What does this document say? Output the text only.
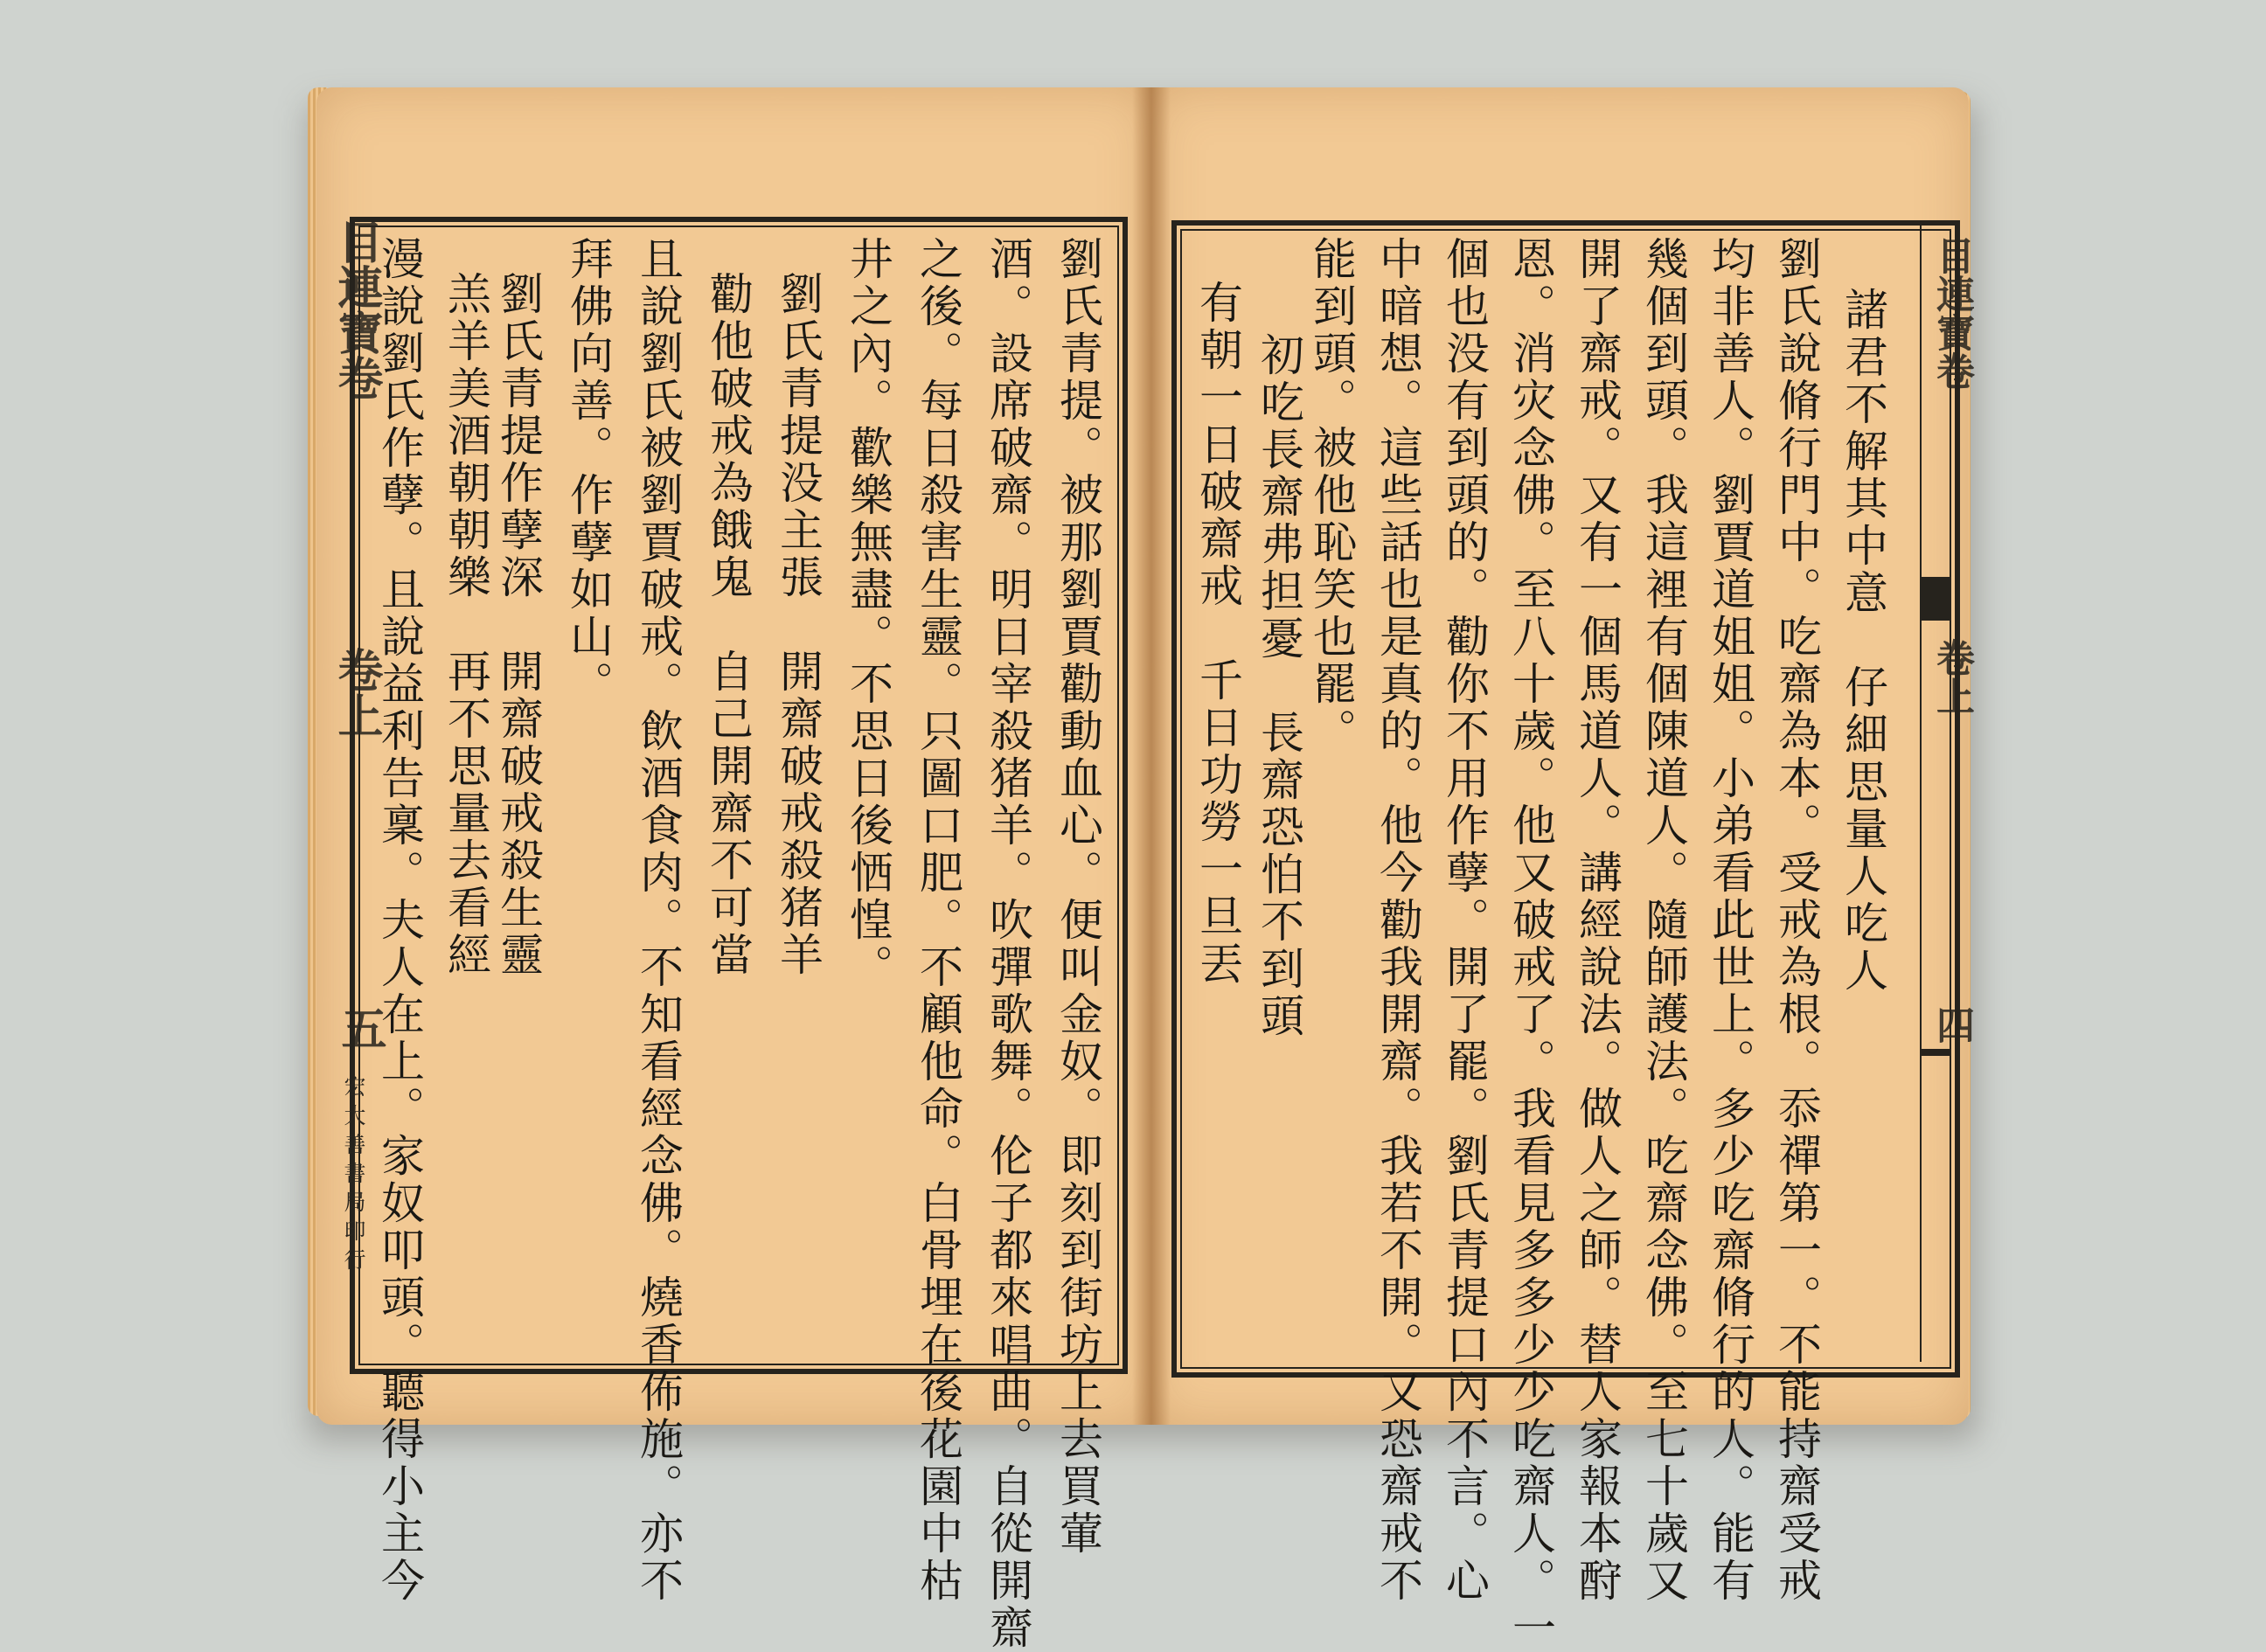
目連寶卷
卷上
五
宏大善書局印行	劉氏青提。被那劉賈勸動血心。便叫金奴。即刻到街坊上去買葷
酒。設席破齋。明日宰殺猪羊。吹彈歌舞。伦子都來唱曲。自從開齋
之後。每日殺害生靈。只圖口肥。不顧他命。白骨埋在後花園中枯
井之內。歡樂無盡。不思日後恓惶。
劉氏青提没主張　開齋破戒殺猪羊
勸他破戒為餓鬼　自己開齋不可當
且說劉氏被劉賈破戒。飲酒食肉。不知看經念佛。燒香佈施。亦不
拜佛向善。作孽如山。
劉氏青提作孽深　開齋破戒殺生靈
羔羊美酒朝朝樂　再不思量去看經
漫說劉氏作孽。且說益利告稟。夫人在上。家奴叩頭。聽得小主今	目連寶卷
卷上
四
諸君不解其中意　仔細思量人吃人
劉氏說脩行門中。吃齋為本。受戒為根。忝禪第一。不能持齋受戒
均非善人。劉賈道姐姐。小弟看此世上。多少吃齋脩行的人。能有
幾個到頭。我這裡有個陳道人。隨師護法。吃齋念佛。至七十歲又
開了齋戒。又有一個馬道人。講經說法。做人之師。替人家報本酧
恩。消灾念佛。至八十歲。他又破戒了。我看見多多少少吃齋人。一
個也没有到頭的。勸你不用作孽。開了罷。劉氏青提口內不言。心
中暗想。這些話也是真的。他今勸我開齋。我若不開。又恐齋戒不
能到頭。被他恥笑也罷。
初吃長齋弗担憂　長齋恐怕不到頭
有朝一日破齋戒　千日功勞一旦丟
